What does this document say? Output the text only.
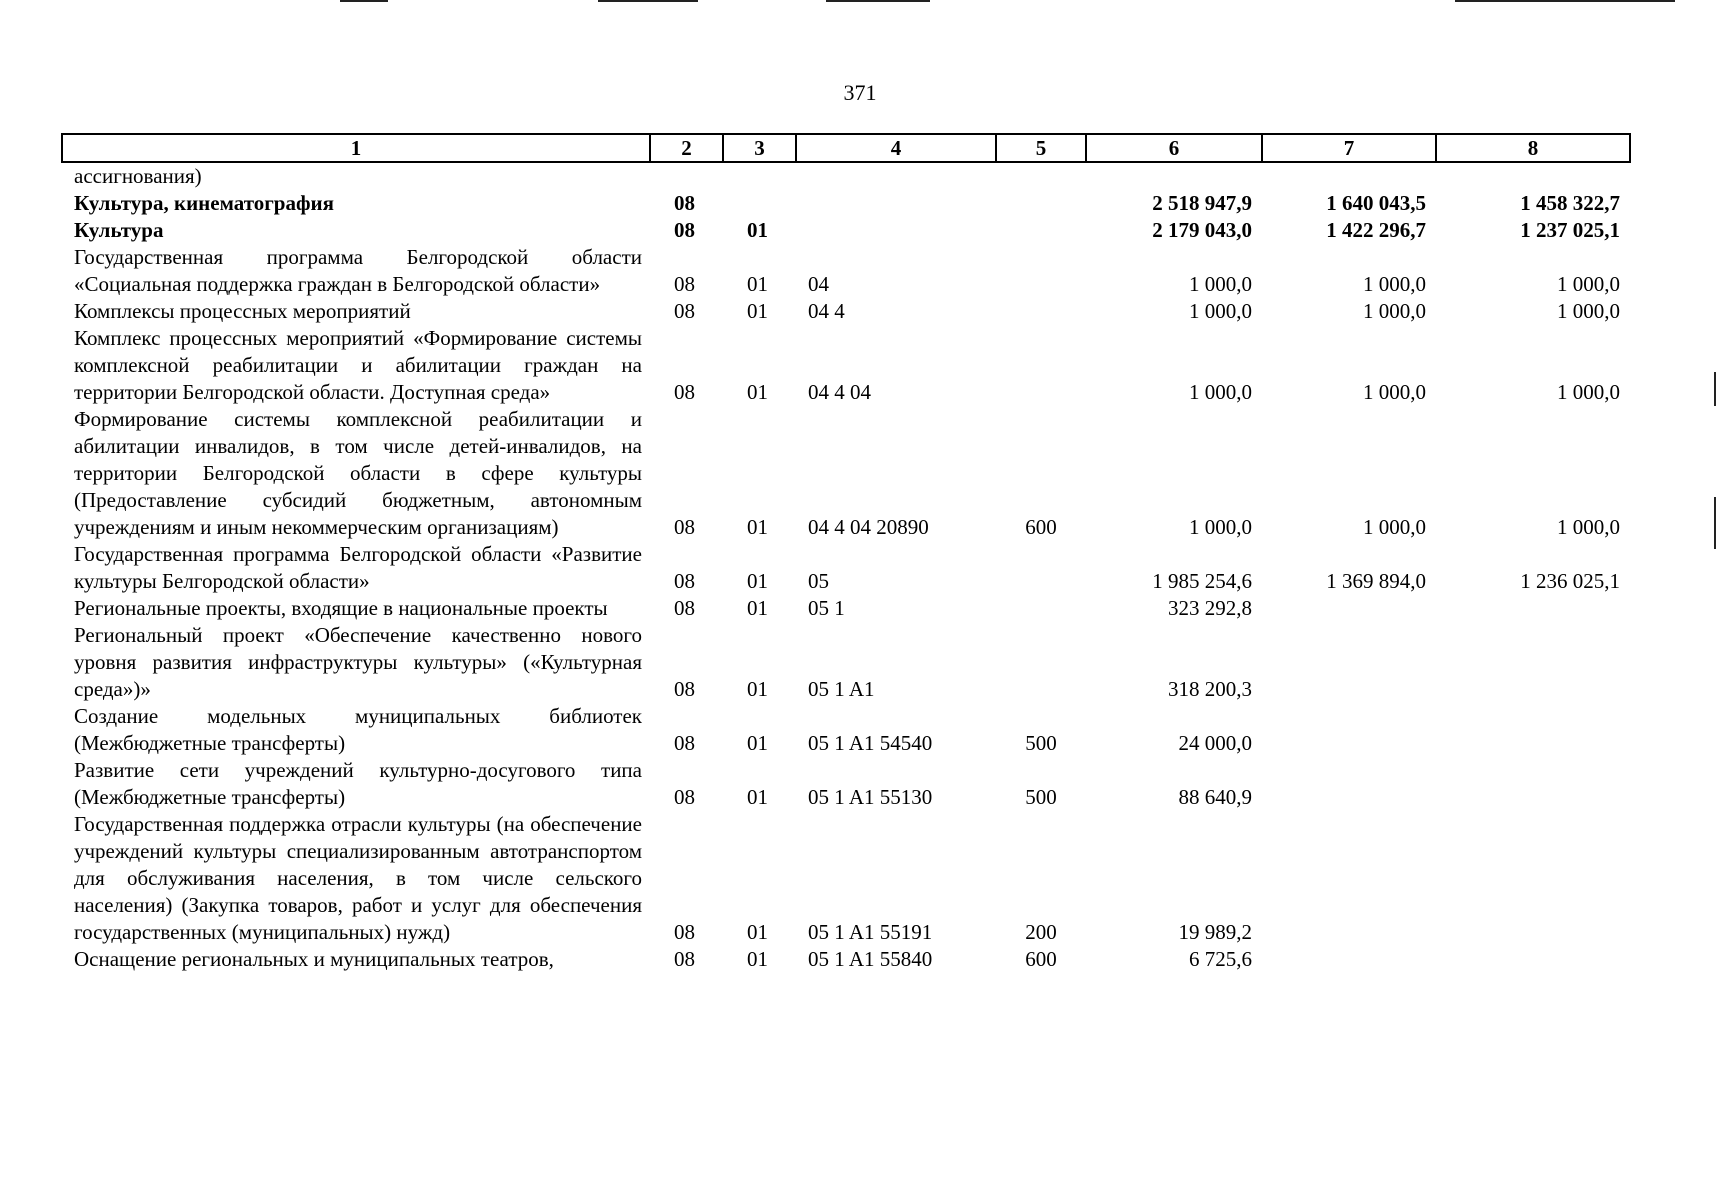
371
1	2	3	4	5	6	7	8
ассигнования)							
Культура, кинематография	08				2 518 947,9	1 640 043,5	1 458 322,7
Культура	08	01			2 179 043,0	1 422 296,7	1 237 025,1
Государственная программа Белгородской области «Социальная поддержка граждан в Белгородской области»	08	01	04		1 000,0	1 000,0	1 000,0
Комплексы процессных мероприятий	08	01	04 4		1 000,0	1 000,0	1 000,0
Комплекс процессных мероприятий «Формирование системы комплексной реабилитации и абилитации граждан на территории Белгородской области. Доступная среда»	08	01	04 4 04		1 000,0	1 000,0	1 000,0
Формирование системы комплексной реабилитации и абилитации инвалидов, в том числе детей-инвалидов, на территории Белгородской области в сфере культуры (Предоставление субсидий бюджетным, автономным учреждениям и иным некоммерческим организациям)	08	01	04 4 04 20890	600	1 000,0	1 000,0	1 000,0
Государственная программа Белгородской области «Развитие культуры Белгородской области»	08	01	05		1 985 254,6	1 369 894,0	1 236 025,1
Региональные проекты, входящие в национальные проекты	08	01	05 1		323 292,8		
Региональный проект «Обеспечение качественно нового уровня развития инфраструктуры культуры» («Культурная среда»)»	08	01	05 1 A1		318 200,3		
Создание модельных муниципальных библиотек (Межбюджетные трансферты)	08	01	05 1 A1 54540	500	24 000,0		
Развитие сети учреждений культурно-досугового типа (Межбюджетные трансферты)	08	01	05 1 A1 55130	500	88 640,9		
Государственная поддержка отрасли культуры (на обеспечение учреждений культуры специализированным автотранспортом для обслуживания населения, в том числе сельского населения) (Закупка товаров, работ и услуг для обеспечения государственных (муниципальных) нужд)	08	01	05 1 A1 55191	200	19 989,2		
Оснащение региональных и муниципальных театров,	08	01	05 1 A1 55840	600	6 725,6		
